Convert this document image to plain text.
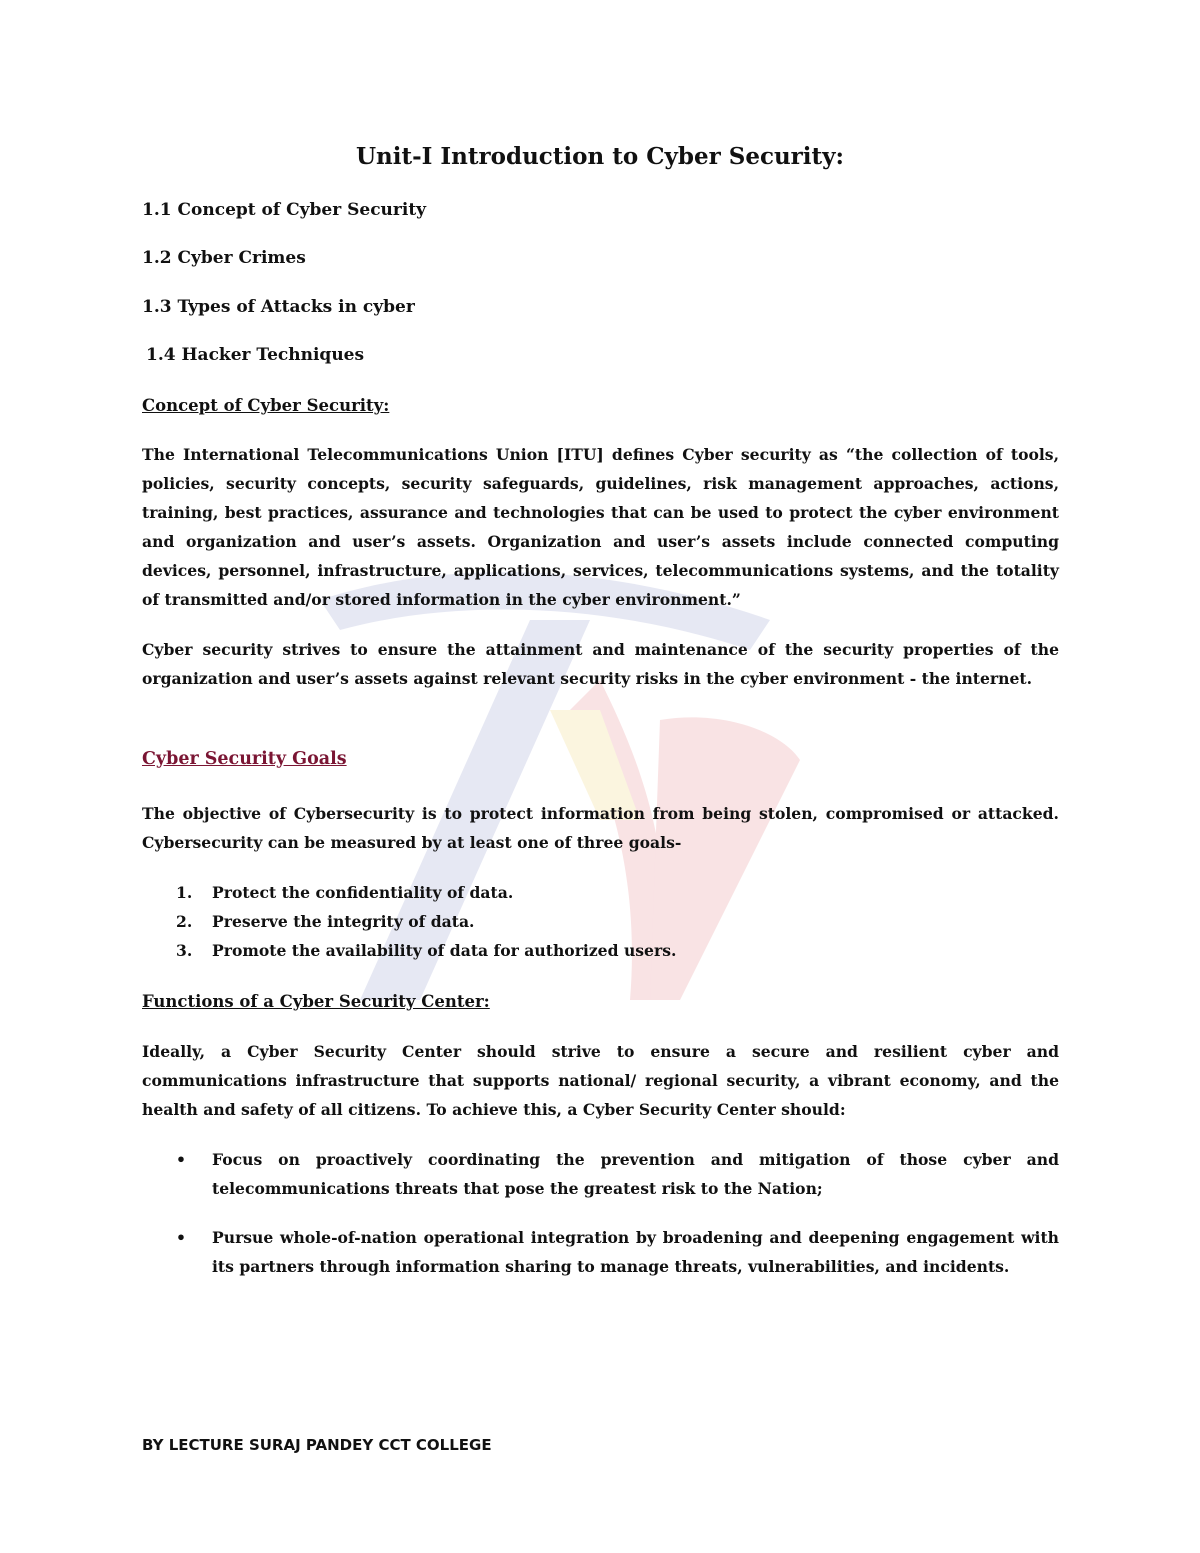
Unit-I Introduction to Cyber Security:

1.1 Concept of Cyber Security

1.2 Cyber Crimes

1.3 Types of Attacks in cyber

1.4 Hacker Techniques

Concept of Cyber Security:

The International Telecommunications Union [ITU] defines Cyber security as “the collection of tools, policies, security concepts, security safeguards, guidelines, risk management approaches, actions, training, best practices, assurance and technologies that can be used to protect the cyber environment and organization and user’s assets. Organization and user’s assets include connected computing devices, personnel, infrastructure, applications, services, telecommunications systems, and the totality of transmitted and/or stored information in the cyber environment.”

Cyber security strives to ensure the attainment and maintenance of the security properties of the organization and user’s assets against relevant security risks in the cyber environment - the internet.

Cyber Security Goals

The objective of Cybersecurity is to protect information from being stolen, compromised or attacked. Cybersecurity can be measured by at least one of three goals-

1. Protect the confidentiality of data.
2. Preserve the integrity of data.
3. Promote the availability of data for authorized users.

Functions of a Cyber Security Center:

Ideally, a Cyber Security Center should strive to ensure a secure and resilient cyber and communications infrastructure that supports national/ regional security, a vibrant economy, and the health and safety of all citizens. To achieve this, a Cyber Security Center should:

• Focus on proactively coordinating the prevention and mitigation of those cyber and telecommunications threats that pose the greatest risk to the Nation;
• Pursue whole-of-nation operational integration by broadening and deepening engagement with its partners through information sharing to manage threats, vulnerabilities, and incidents.

BY LECTURE SURAJ PANDEY CCT COLLEGE
